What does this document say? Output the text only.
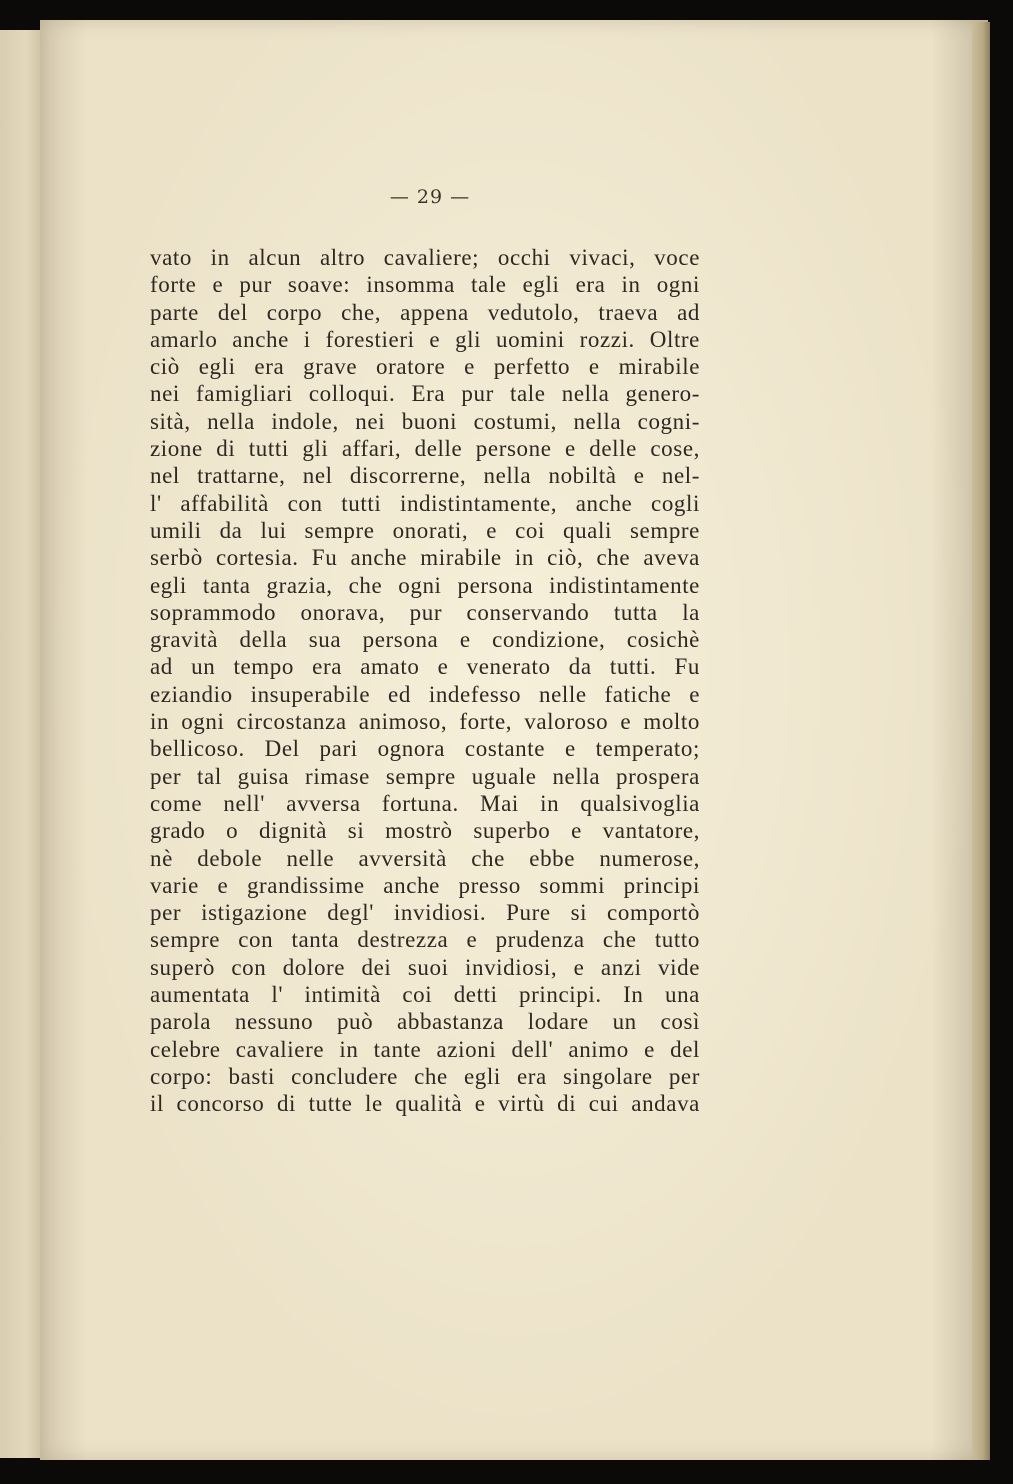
— 29 —
vato in alcun altro cavaliere; occhi vivaci, voce
forte e pur soave: insomma tale egli era in ogni
parte del corpo che, appena vedutolo, traeva ad
amarlo anche i forestieri e gli uomini rozzi. Oltre
ciò egli era grave oratore e perfetto e mirabile
nei famigliari colloqui. Era pur tale nella genero-
sità, nella indole, nei buoni costumi, nella cogni-
zione di tutti gli affari, delle persone e delle cose,
nel trattarne, nel discorrerne, nella nobiltà e nel-
l' affabilità con tutti indistintamente, anche cogli
umili da lui sempre onorati, e coi quali sempre
serbò cortesia. Fu anche mirabile in ciò, che aveva
egli tanta grazia, che ogni persona indistintamente
soprammodo onorava, pur conservando tutta la
gravità della sua persona e condizione, cosichè
ad un tempo era amato e venerato da tutti. Fu
eziandio insuperabile ed indefesso nelle fatiche e
in ogni circostanza animoso, forte, valoroso e molto
bellicoso. Del pari ognora costante e temperato;
per tal guisa rimase sempre uguale nella prospera
come nell' avversa fortuna. Mai in qualsivoglia
grado o dignità si mostrò superbo e vantatore,
nè debole nelle avversità che ebbe numerose,
varie e grandissime anche presso sommi principi
per istigazione degl' invidiosi. Pure si comportò
sempre con tanta destrezza e prudenza che tutto
superò con dolore dei suoi invidiosi, e anzi vide
aumentata l' intimità coi detti principi. In una
parola nessuno può abbastanza lodare un così
celebre cavaliere in tante azioni dell' animo e del
corpo: basti concludere che egli era singolare per
il concorso di tutte le qualità e virtù di cui andava
